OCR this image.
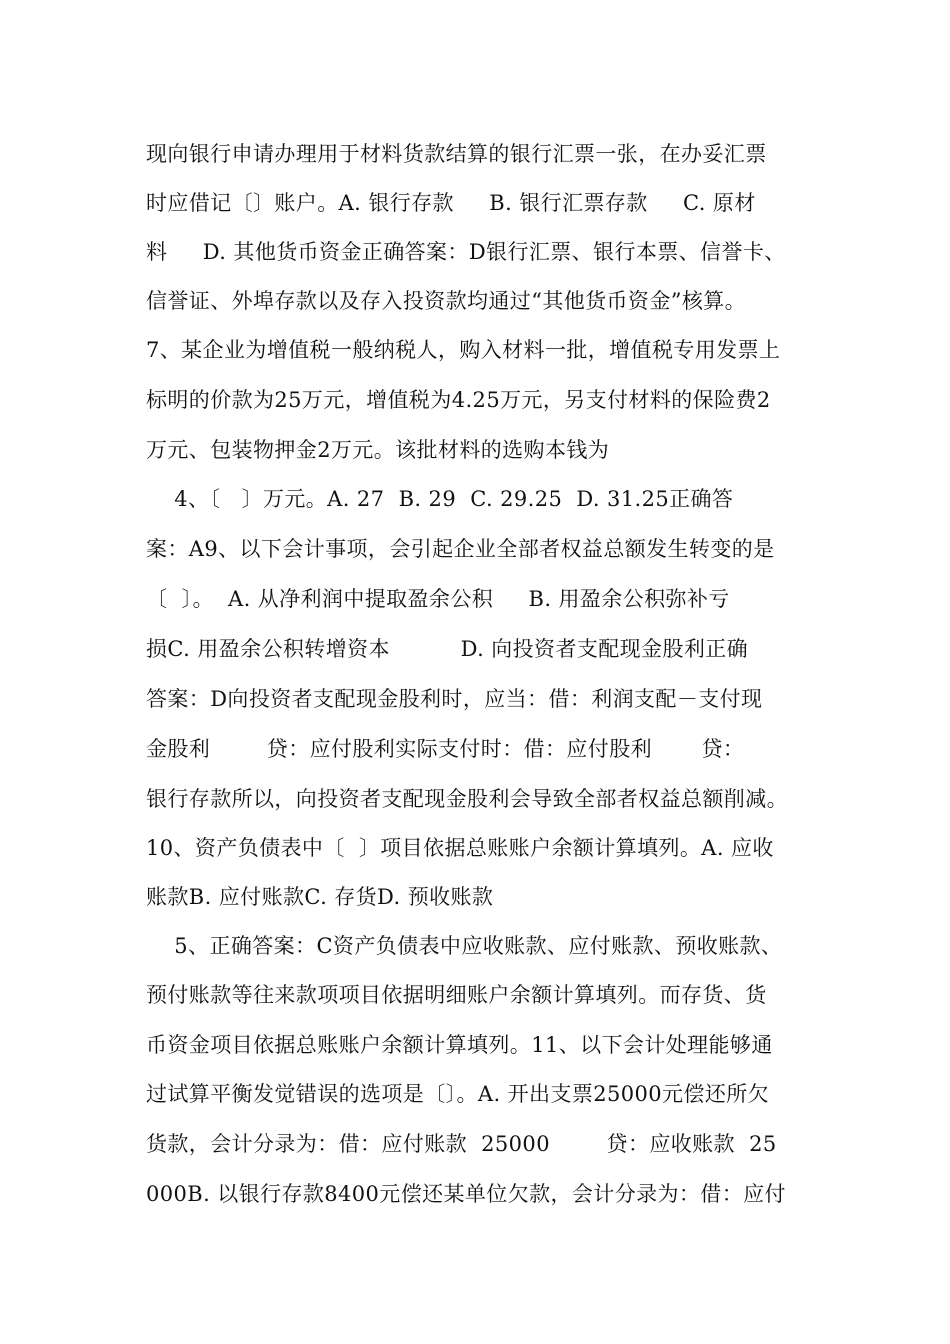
现向银行申请办理用于材料货款结算的银行汇票一张，在办妥汇票
时应借记〔〕账户。A. 银行存款     B. 银行汇票存款     C. 原材
料     D. 其他货币资金正确答案：D银行汇票、银行本票、信誉卡、
信誉证、外埠存款以及存入投资款均通过“其他货币资金”核算。
7、某企业为增值税一般纳税人，购入材料一批，增值税专用发票上
标明的价款为25万元，增值税为4.25万元，另支付材料的保险费2
万元、包装物押金2万元。该批材料的选购本钱为
4、〔   〕万元。A. 27  B. 29  C. 29.25  D. 31.25正确答
案：A9、以下会计事项，会引起企业全部者权益总额发生转变的是
〔  〕。  A. 从净利润中提取盈余公积     B. 用盈余公积弥补亏
损C. 用盈余公积转增资本          D. 向投资者支配现金股利正确
答案：D向投资者支配现金股利时，应当：借：利润支配－支付现
金股利        贷：应付股利实际支付时：借：应付股利       贷：
银行存款所以，向投资者支配现金股利会导致全部者权益总额削减。
10、资产负债表中〔  〕项目依据总账账户余额计算填列。A. 应收
账款B. 应付账款C. 存货D. 预收账款
5、正确答案：C资产负债表中应收账款、应付账款、预收账款、
预付账款等往来款项项目依据明细账户余额计算填列。而存货、货
币资金项目依据总账账户余额计算填列。11、以下会计处理能够通
过试算平衡发觉错误的选项是〔〕。A. 开出支票25000元偿还所欠
货款，会计分录为：借：应付账款  25000        贷：应收账款  25
000B. 以银行存款8400元偿还某单位欠款，会计分录为：借：应付
